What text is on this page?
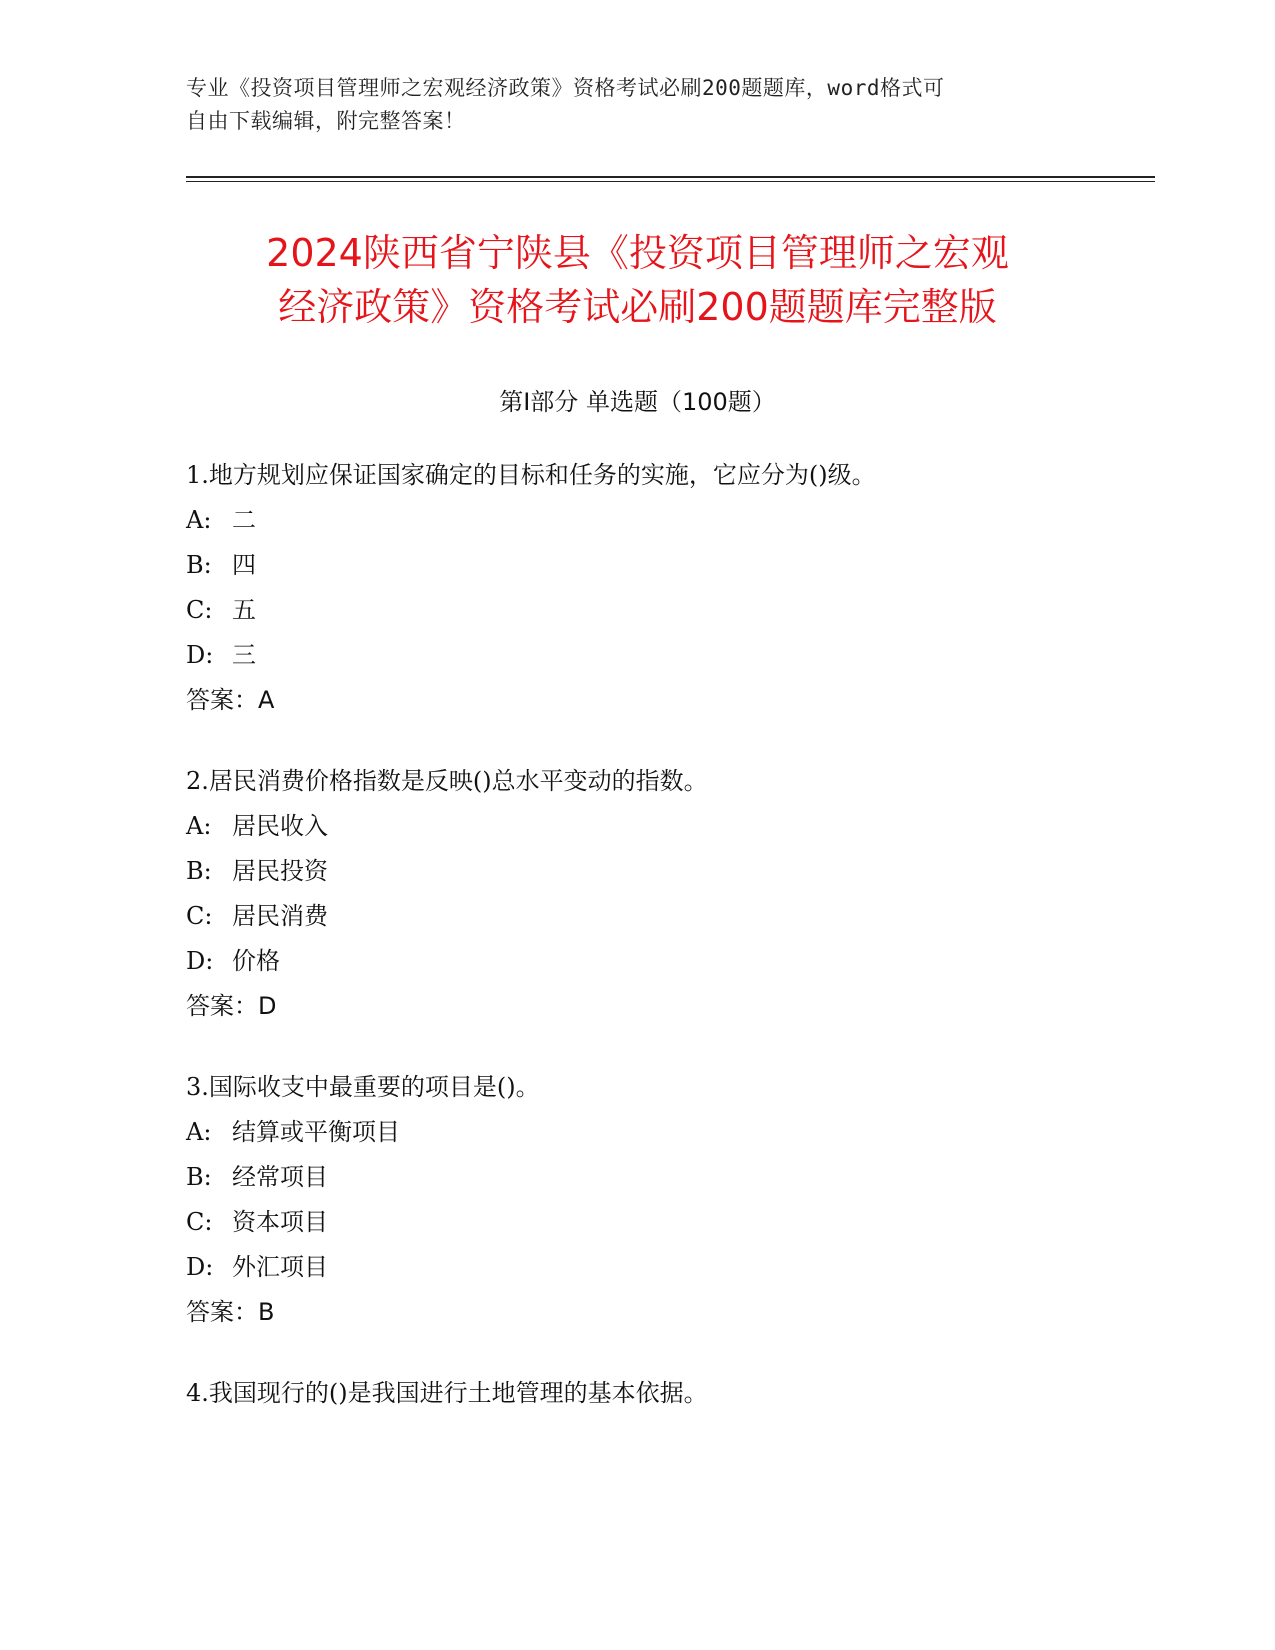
专业《投资项目管理师之宏观经济政策》资格考试必刷200题题库，word格式可
自由下载编辑，附完整答案！
2024陕西省宁陕县《投资项目管理师之宏观
经济政策》资格考试必刷200题题库完整版
第Ⅰ部分 单选题（100题）
1.地方规划应保证国家确定的目标和任务的实施，它应分为()级。
A: 二
B: 四
C: 五
D: 三
答案：A
2.居民消费价格指数是反映()总水平变动的指数。
A: 居民收入
B: 居民投资
C: 居民消费
D: 价格
答案：D
3.国际收支中最重要的项目是()。
A: 结算或平衡项目
B: 经常项目
C: 资本项目
D: 外汇项目
答案：B
4.我国现行的()是我国进行土地管理的基本依据。
